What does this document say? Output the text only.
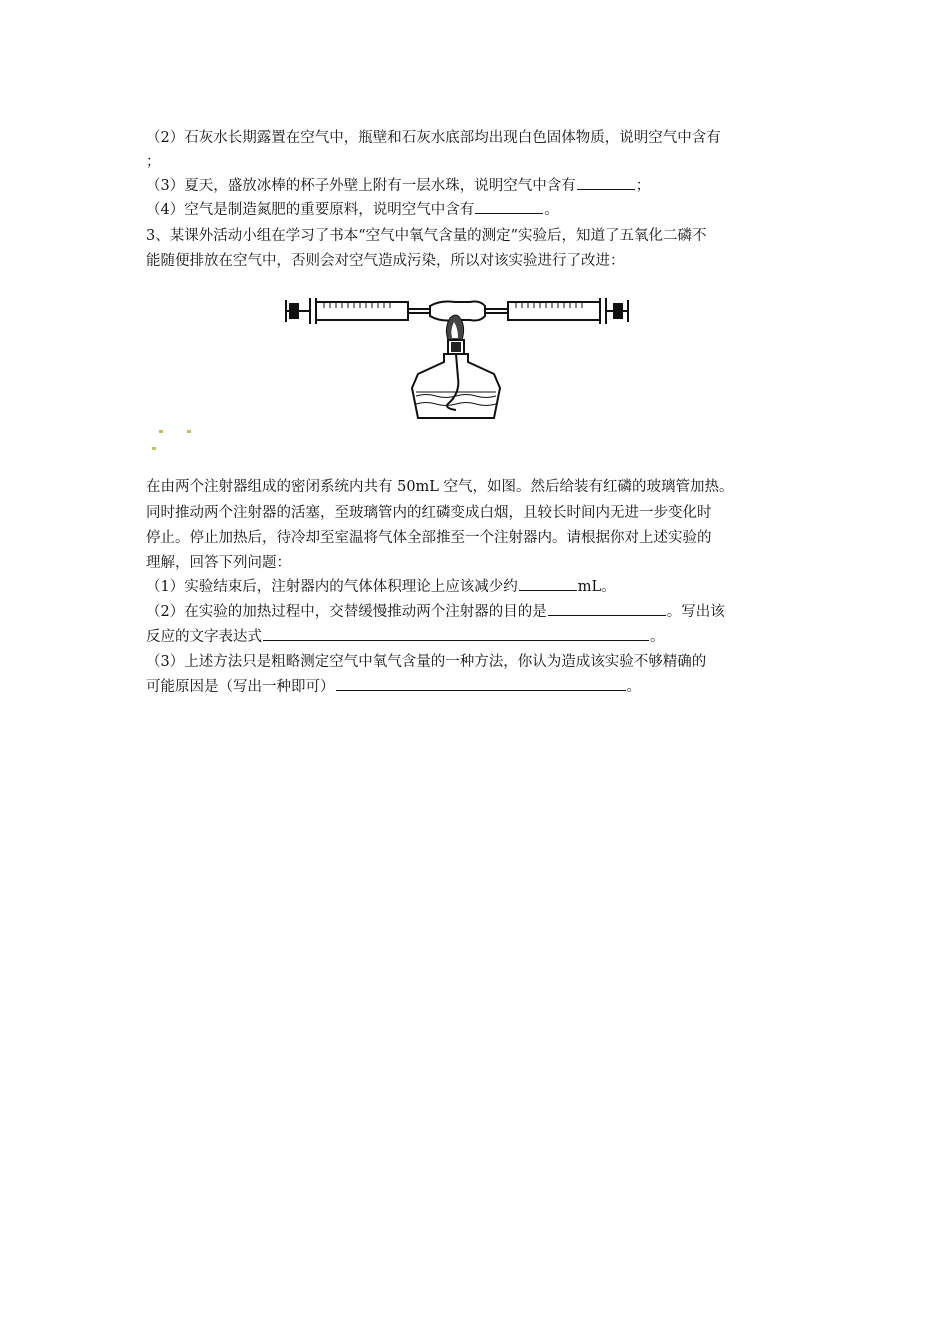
（2）石灰水长期露置在空气中，瓶壁和石灰水底部均出现白色固体物质，说明空气中含有
；
（3）夏天，盛放冰棒的杯子外壁上附有一层水珠，说明空气中含有	；
（4）空气是制造氮肥的重要原料，说明空气中含有	。
3、某课外活动小组在学习了书本“空气中氧气含量的测定”实验后，知道了五氧化二磷不
能随便排放在空气中，否则会对空气造成污染，所以对该实验进行了改进：
在由两个注射器组成的密闭系统内共有 50mL 空气，如图。然后给装有红磷的玻璃管加热。
同时推动两个注射器的活塞，至玻璃管内的红磷变成白烟，且较长时间内无进一步变化时
停止。停止加热后，待冷却至室温将气体全部推至一个注射器内。请根据你对上述实验的
理解，回答下列问题：
（1）实验结束后，注射器内的气体体积理论上应该减少约	mL。
（2）在实验的加热过程中，交替缓慢推动两个注射器的目的是	。写出该
反应的文字表达式	。
（3）上述方法只是粗略测定空气中氧气含量的一种方法，你认为造成该实验不够精确的
可能原因是（写出一种即可）	。
